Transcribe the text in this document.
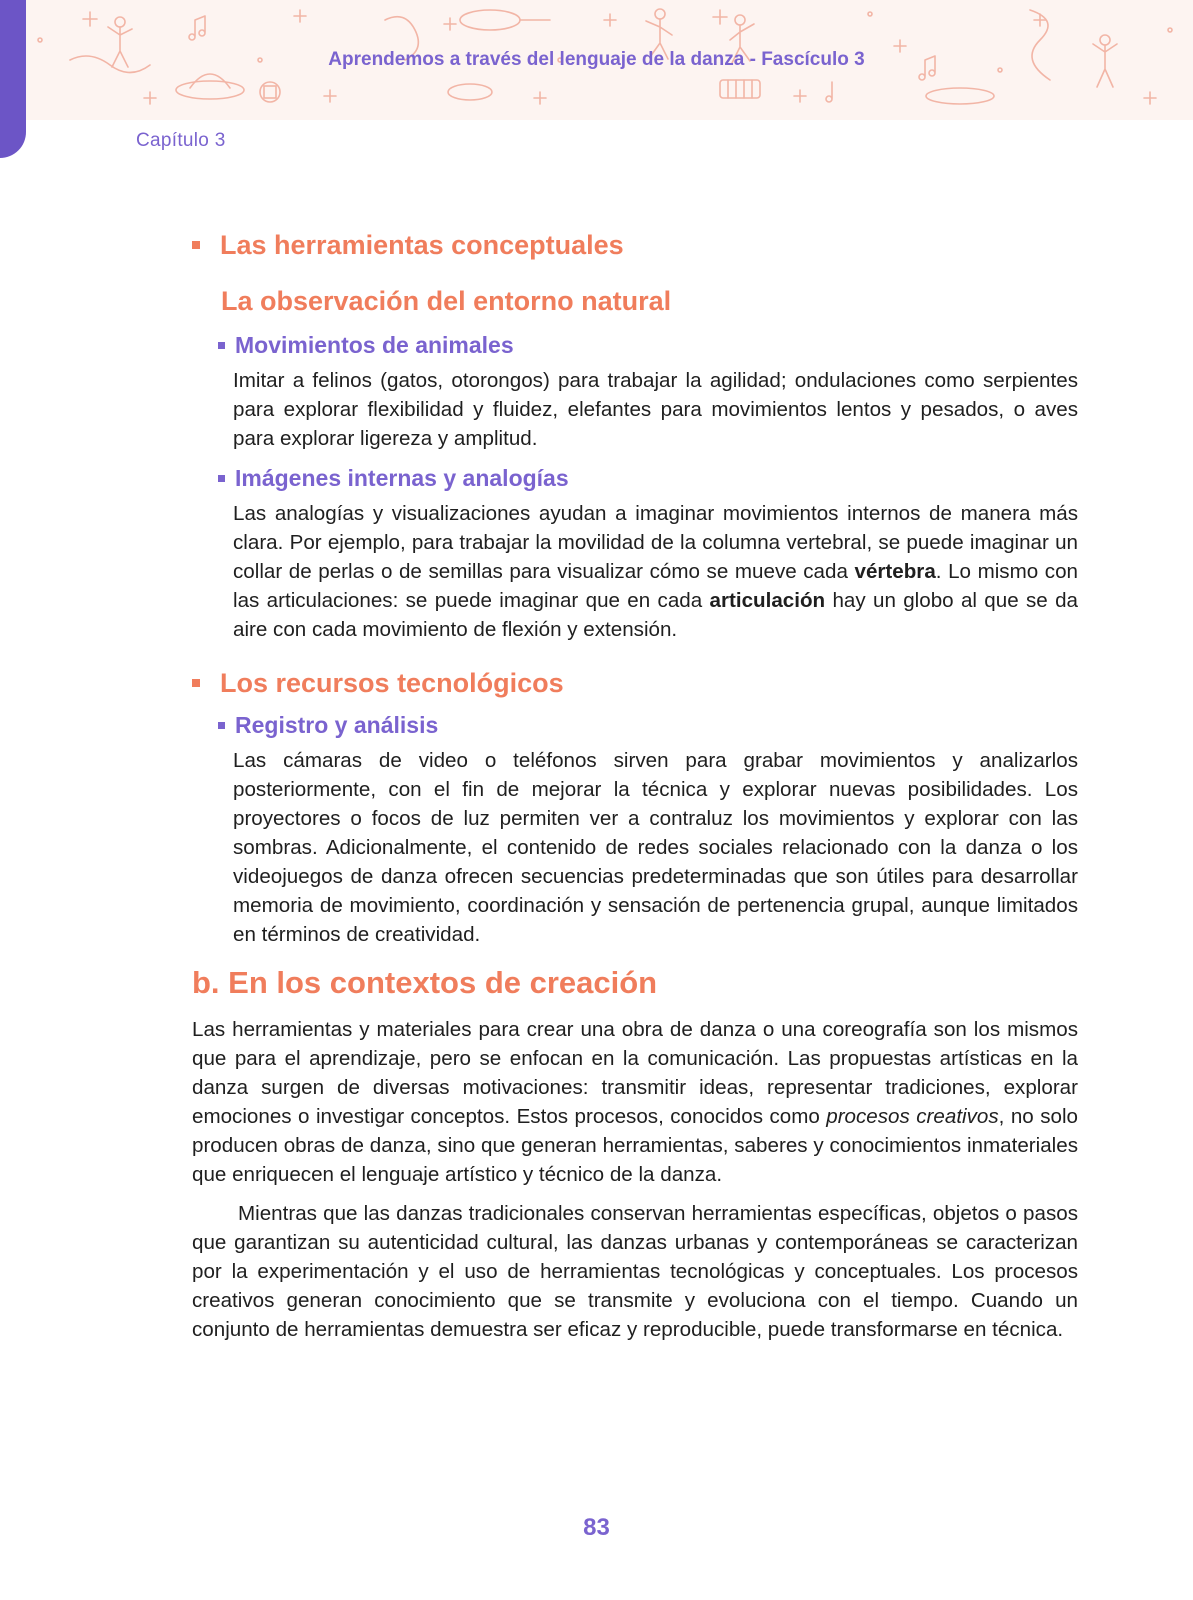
Aprendemos a través del lenguaje de la danza - Fascículo 3
Capítulo 3
Las herramientas conceptuales
La observación del entorno natural
Movimientos de animales

Imitar a felinos (gatos, otorongos) para trabajar la agilidad; ondulaciones como serpientes para explorar flexibilidad y fluidez, elefantes para movimientos lentos y pesados, o aves para explorar ligereza y amplitud.

Imágenes internas y analogías

Las analogías y visualizaciones ayudan a imaginar movimientos internos de manera más clara. Por ejemplo, para trabajar la movilidad de la columna vertebral, se puede imaginar un collar de perlas o de semillas para visualizar cómo se mueve cada vértebra. Lo mismo con las articulaciones: se puede imaginar que en cada articulación hay un globo al que se da aire con cada movimiento de flexión y extensión.

Los recursos tecnológicos
Registro y análisis

Las cámaras de video o teléfonos sirven para grabar movimientos y analizarlos posteriormente, con el fin de mejorar la técnica y explorar nuevas posibilidades. Los proyectores o focos de luz permiten ver a contraluz los movimientos y explorar con las sombras. Adicionalmente, el contenido de redes sociales relacionado con la danza o los videojuegos de danza ofrecen secuencias predeterminadas que son útiles para desarrollar memoria de movimiento, coordinación y sensación de pertenencia grupal, aunque limitados en términos de creatividad.

b. En los contextos de creación

Las herramientas y materiales para crear una obra de danza o una coreografía son los mismos que para el aprendizaje, pero se enfocan en la comunicación. Las propuestas artísticas en la danza surgen de diversas motivaciones: transmitir ideas, representar tradiciones, explorar emociones o investigar conceptos. Estos procesos, conocidos como procesos creativos, no solo producen obras de danza, sino que generan herramientas, saberes y conocimientos inmateriales que enriquecen el lenguaje artístico y técnico de la danza.

Mientras que las danzas tradicionales conservan herramientas específicas, objetos o pasos que garantizan su autenticidad cultural, las danzas urbanas y contemporáneas se caracterizan por la experimentación y el uso de herramientas tecnológicas y conceptuales. Los procesos creativos generan conocimiento que se transmite y evoluciona con el tiempo. Cuando un conjunto de herramientas demuestra ser eficaz y reproducible, puede transformarse en técnica.

83
